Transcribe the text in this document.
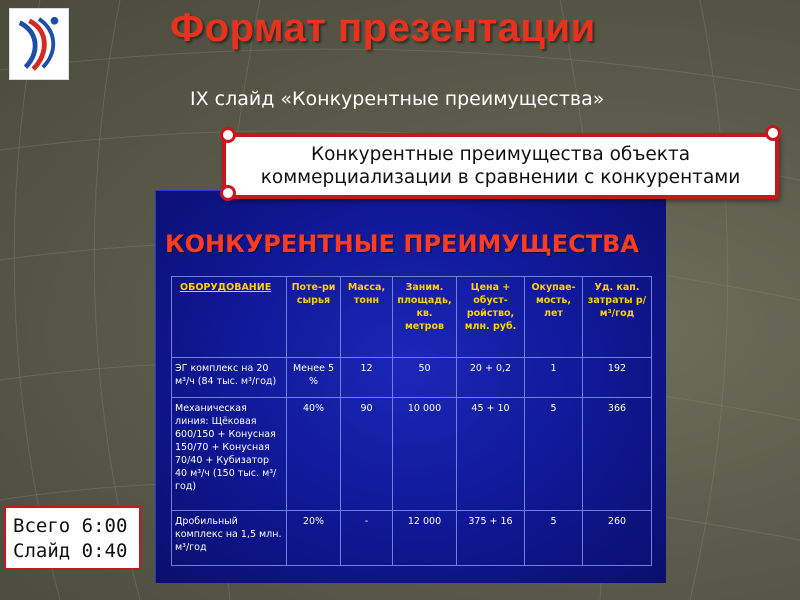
Формат презентации
IX слайд «Конкурентные преимущества»
КОНКУРЕНТНЫЕ ПРЕИМУЩЕСТВА
ОБОРУДОВАНИЕ	Поте-ри сырья	Масса, тонн	Заним. площадь, кв. метров	Цена + обуст-ройство, млн. руб.	Окупае-мость, лет	Уд. кап. затраты р/м³/год
ЭГ комплекс на 20 м³/ч (84 тыс. м³/год)	Менее 5 %	12	50	20 + 0,2	1	192
Механическая линия: Щёковая 600/150 + Конусная 150/70 + Конусная 70/40 + Кубизатор 40 м³/ч (150 тыс. м³/год)	40%	90	10 000	45 + 10	5	366
Дробильный комплекс на 1,5 млн. м³/год	20%	-	12 000	375 + 16	5	260
Конкурентные преимущества объекта
коммерциализации в сравнении с конкурентами
Всего 6:00
Слайд 0:40
